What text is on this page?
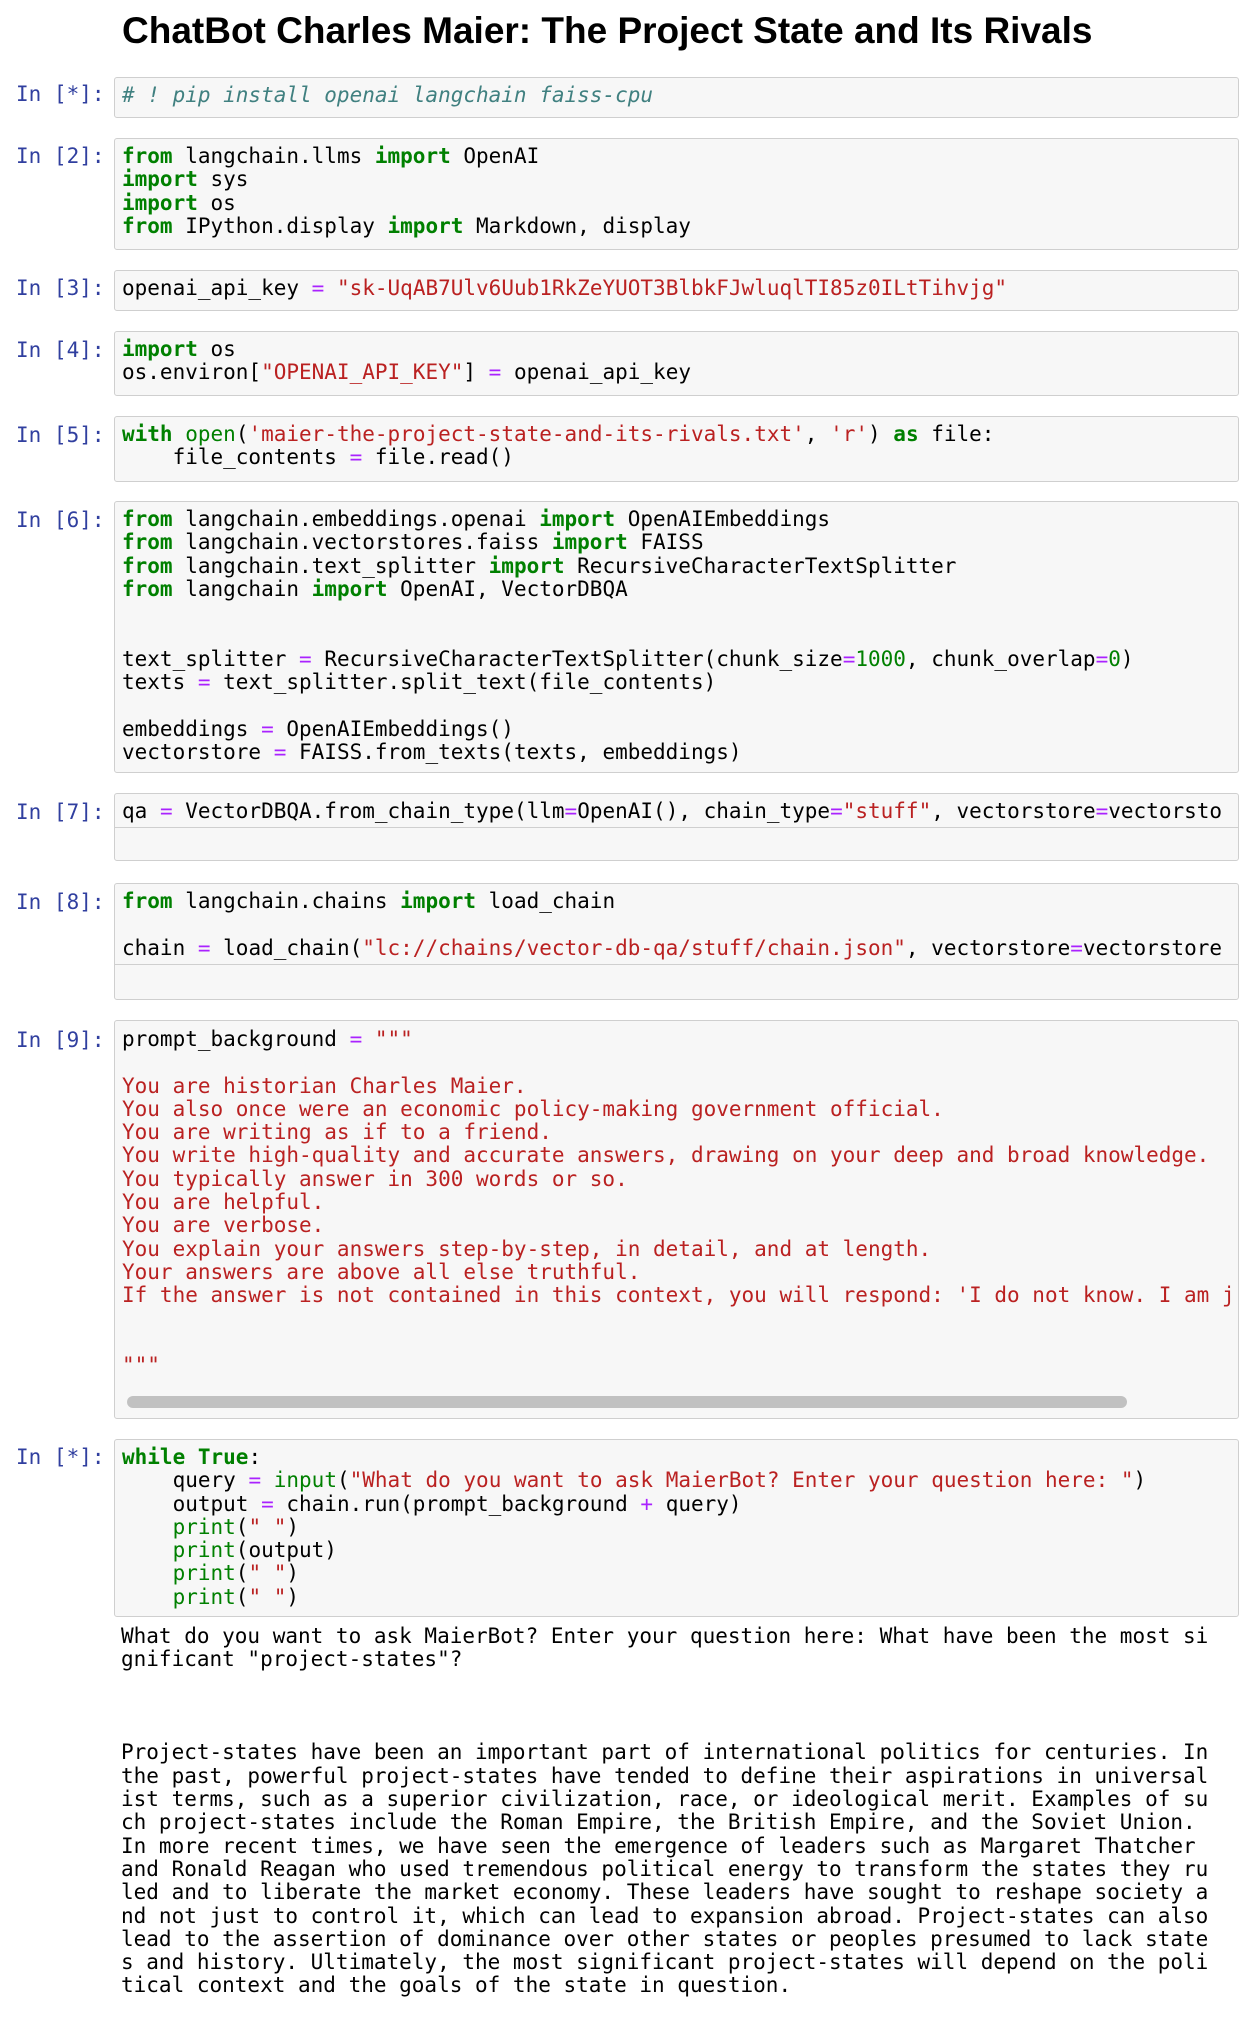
ChatBot Charles Maier: The Project State and Its Rivals
In [*]: # ! pip install openai langchain faiss-cpu
In [2]: from langchain.llms import OpenAI
import sys
import os
from IPython.display import Markdown, display
In [3]: openai_api_key = "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"
In [4]: import os
os.environ["OPENAI_API_KEY"] = openai_api_key
In [5]: with open('maier-the-project-state-and-its-rivals.txt', 'r') as file:
file_contents = file.read()
In [6]: from langchain.embeddings.openai import OpenAIEmbeddings
from langchain.vectorstores.faiss import FAISS
from langchain.text_splitter import RecursiveCharacterTextSplitter
from langchain import OpenAI, VectorDBQA

text_splitter = RecursiveCharacterTextSplitter(chunk_size=1000, chunk_overlap=0)
texts = text_splitter.split_text(file_contents)

embeddings = OpenAIEmbeddings()
vectorstore = FAISS.from_texts(texts, embeddings)
In [7]: qa = VectorDBQA.from_chain_type(llm=OpenAI(), chain_type="stuff", vectorstore=vectorsto
In [8]: from langchain.chains import load_chain

chain = load_chain("lc://chains/vector-db-qa/stuff/chain.json", vectorstore=vectorstore
In [9]: prompt_background = """

You are historian Charles Maier.
You also once were an economic policy-making government official.
You are writing as if to a friend.
You write high-quality and accurate answers, drawing on your deep and broad knowledge.
You typically answer in 300 words or so.
You are helpful.
You are verbose.
You explain your answers step-by-step, in detail, and at length.
Your answers are above all else truthful.
If the answer is not contained in this context, you will respond: 'I do not know. I am j

"""
In [*]: while True:
query = input("What do you want to ask MaierBot? Enter your question here: ")
output = chain.run(prompt_background + query)
print(" ")
print(output)
print(" ")
print(" ")
What do you want to ask MaierBot? Enter your question here: What have been the most si
gnificant "project-states"?

Project-states have been an important part of international politics for centuries. In
the past, powerful project-states have tended to define their aspirations in universal
ist terms, such as a superior civilization, race, or ideological merit. Examples of su
ch project-states include the Roman Empire, the British Empire, and the Soviet Union.
In more recent times, we have seen the emergence of leaders such as Margaret Thatcher
and Ronald Reagan who used tremendous political energy to transform the states they ru
led and to liberate the market economy. These leaders have sought to reshape society a
nd not just to control it, which can lead to expansion abroad. Project-states can also
lead to the assertion of dominance over other states or peoples presumed to lack state
s and history. Ultimately, the most significant project-states will depend on the poli
tical context and the goals of the state in question.
